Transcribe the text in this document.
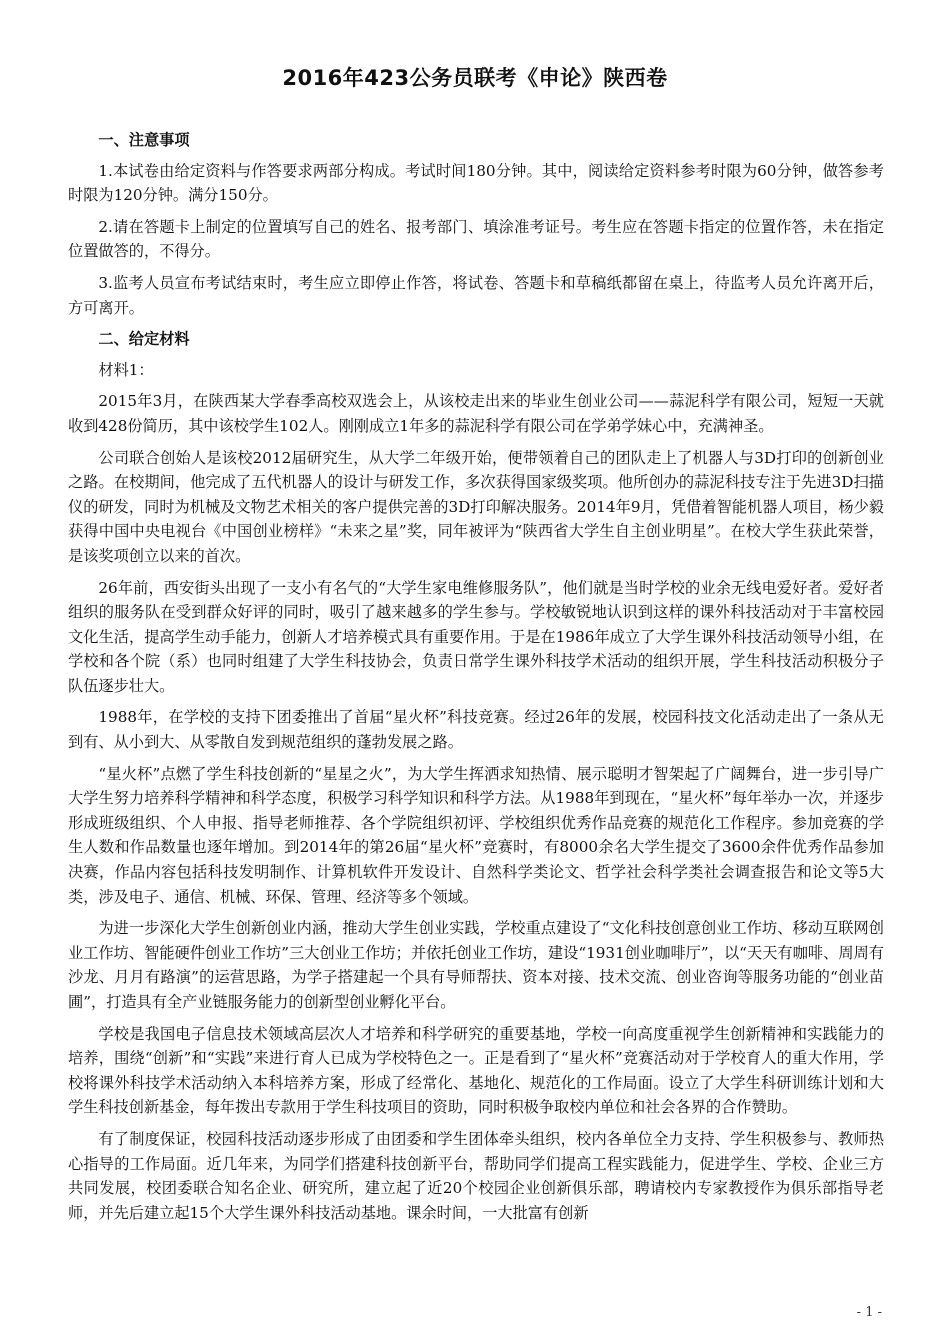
2016年423公务员联考《申论》陕西卷
一、注意事项

1.本试卷由给定资料与作答要求两部分构成。考试时间180分钟。其中，阅读给定资料参考时限为60分钟，做答参考时限为120分钟。满分150分。

2.请在答题卡上制定的位置填写自己的姓名、报考部门、填涂准考证号。考生应在答题卡指定的位置作答，未在指定位置做答的，不得分。

3.监考人员宣布考试结束时，考生应立即停止作答，将试卷、答题卡和草稿纸都留在桌上，待监考人员允许离开后，方可离开。

二、给定材料

材料1：

2015年3月，在陕西某大学春季高校双选会上，从该校走出来的毕业生创业公司——蒜泥科学有限公司，短短一天就收到428份简历，其中该校学生102人。刚刚成立1年多的蒜泥科学有限公司在学弟学妹心中，充满神圣。

公司联合创始人是该校2012届研究生，从大学二年级开始，便带领着自己的团队走上了机器人与3D打印的创新创业之路。在校期间，他完成了五代机器人的设计与研发工作，多次获得国家级奖项。他所创办的蒜泥科技专注于先进3D扫描仪的研发，同时为机械及文物艺术相关的客户提供完善的3D打印解决服务。2014年9月，凭借着智能机器人项目，杨少毅获得中国中央电视台《中国创业榜样》“未来之星”奖，同年被评为“陕西省大学生自主创业明星”。在校大学生获此荣誉，是该奖项创立以来的首次。

26年前，西安街头出现了一支小有名气的“大学生家电维修服务队”，他们就是当时学校的业余无线电爱好者。爱好者组织的服务队在受到群众好评的同时，吸引了越来越多的学生参与。学校敏锐地认识到这样的课外科技活动对于丰富校园文化生活，提高学生动手能力，创新人才培养模式具有重要作用。于是在1986年成立了大学生课外科技活动领导小组，在学校和各个院（系）也同时组建了大学生科技协会，负责日常学生课外科技学术活动的组织开展，学生科技活动积极分子队伍逐步壮大。

1988年，在学校的支持下团委推出了首届“星火杯”科技竞赛。经过26年的发展，校园科技文化活动走出了一条从无到有、从小到大、从零散自发到规范组织的蓬勃发展之路。

“星火杯”点燃了学生科技创新的“星星之火”，为大学生挥洒求知热情、展示聪明才智架起了广阔舞台，进一步引导广大学生努力培养科学精神和科学态度，积极学习科学知识和科学方法。从1988年到现在，“星火杯”每年举办一次，并逐步形成班级组织、个人申报、指导老师推荐、各个学院组织初评、学校组织优秀作品竞赛的规范化工作程序。参加竞赛的学生人数和作品数量也逐年增加。到2014年的第26届“星火杯”竞赛时，有8000余名大学生提交了3600余件优秀作品参加决赛，作品内容包括科技发明制作、计算机软件开发设计、自然科学类论文、哲学社会科学类社会调查报告和论文等5大类，涉及电子、通信、机械、环保、管理、经济等多个领域。

为进一步深化大学生创新创业内涵，推动大学生创业实践，学校重点建设了“文化科技创意创业工作坊、移动互联网创业工作坊、智能硬件创业工作坊”三大创业工作坊；并依托创业工作坊，建设“1931创业咖啡厅”，以“天天有咖啡、周周有沙龙、月月有路演”的运营思路，为学子搭建起一个具有导师帮扶、资本对接、技术交流、创业咨询等服务功能的“创业苗圃”，打造具有全产业链服务能力的创新型创业孵化平台。

学校是我国电子信息技术领域高层次人才培养和科学研究的重要基地，学校一向高度重视学生创新精神和实践能力的培养，围绕“创新”和“实践”来进行育人已成为学校特色之一。正是看到了“星火杯”竞赛活动对于学校育人的重大作用，学校将课外科技学术活动纳入本科培养方案，形成了经常化、基地化、规范化的工作局面。设立了大学生科研训练计划和大学生科技创新基金，每年拨出专款用于学生科技项目的资助，同时积极争取校内单位和社会各界的合作赞助。

有了制度保证，校园科技活动逐步形成了由团委和学生团体牵头组织，校内各单位全力支持、学生积极参与、教师热心指导的工作局面。近几年来，为同学们搭建科技创新平台，帮助同学们提高工程实践能力，促进学生、学校、企业三方共同发展，校团委联合知名企业、研究所，建立起了近20个校园企业创新俱乐部，聘请校内专家教授作为俱乐部指导老师，并先后建立起15个大学生课外科技活动基地。课余时间，一大批富有创新

- 1 -
